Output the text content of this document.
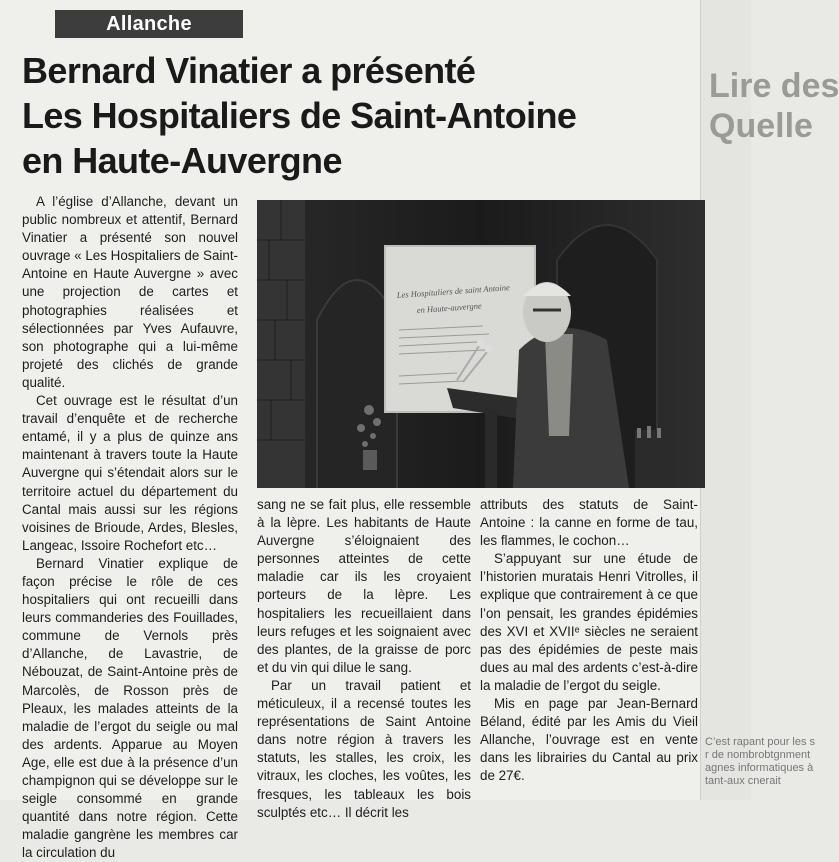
Lire des
Quelle
C’est rapant pour les s
r de nombrobtgnment
agnes informatiques à
tant-aux cnerait
Allanche
Bernard Vinatier a présenté
Les Hospitaliers de Saint-Antoine
en Haute-Auvergne

A l’église d’Allanche, devant un public nombreux et attentif, Bernard Vinatier a présenté son nouvel ouvrage « Les Hospitaliers de Saint-Antoine en Haute Auvergne » avec une projection de cartes et photographies réalisées et sélectionnées par Yves Aufauvre, son photographe qui a lui-même projeté des clichés de grande qualité.

Cet ouvrage est le résultat d’un travail d’enquête et de recherche entamé, il y a plus de quinze ans maintenant à travers toute la Haute Auvergne qui s’étendait alors sur le territoire actuel du département du Cantal mais aussi sur les régions voisines de Brioude, Ardes, Blesles, Langeac, Issoire Rochefort etc…

Bernard Vinatier explique de façon précise le rôle de ces hospitaliers qui ont recueilli dans leurs commanderies des Fouillades, commune de Vernols près d’Allanche, de Lavastrie, de Nébouzat, de Saint-Antoine près de Marcolès, de Rosson près de Pleaux, les malades atteints de la maladie de l’ergot du seigle ou mal des ardents. Apparue au Moyen Age, elle est due à la présence d’un champignon qui se développe sur le seigle consommé en grande quantité dans notre région. Cette maladie gangrène les membres car la circulation du

Les Hospitaliers de saint Antoine
en Haute-auvergne

sang ne se fait plus, elle ressemble à la lèpre. Les habitants de Haute Auvergne s’éloignaient des personnes atteintes de cette maladie car ils les croyaient porteurs de la lèpre. Les hospitaliers les recueillaient dans leurs refuges et les soignaient avec des plantes, de la graisse de porc et du vin qui dilue le sang.

Par un travail patient et méticuleux, il a recensé toutes les représentations de Saint Antoine dans notre région à travers les statuts, les stalles, les croix, les vitraux, les cloches, les voûtes, les fresques, les tableaux les bois sculptés etc… Il décrit les

attributs des statuts de Saint-Antoine : la canne en forme de tau, les flammes, le cochon…

S’appuyant sur une étude de l’historien muratais Henri Vitrolles, il explique que contrairement à ce que l’on pensait, les grandes épidémies des XVI et XVIIᵉ siècles ne seraient pas des épidémies de peste mais dues au mal des ardents c’est-à-dire la maladie de l’ergot du seigle.

Mis en page par Jean-Bernard Béland, édité par les Amis du Vieil Allanche, l’ouvrage est en vente dans les librairies du Cantal au prix de 27€.
